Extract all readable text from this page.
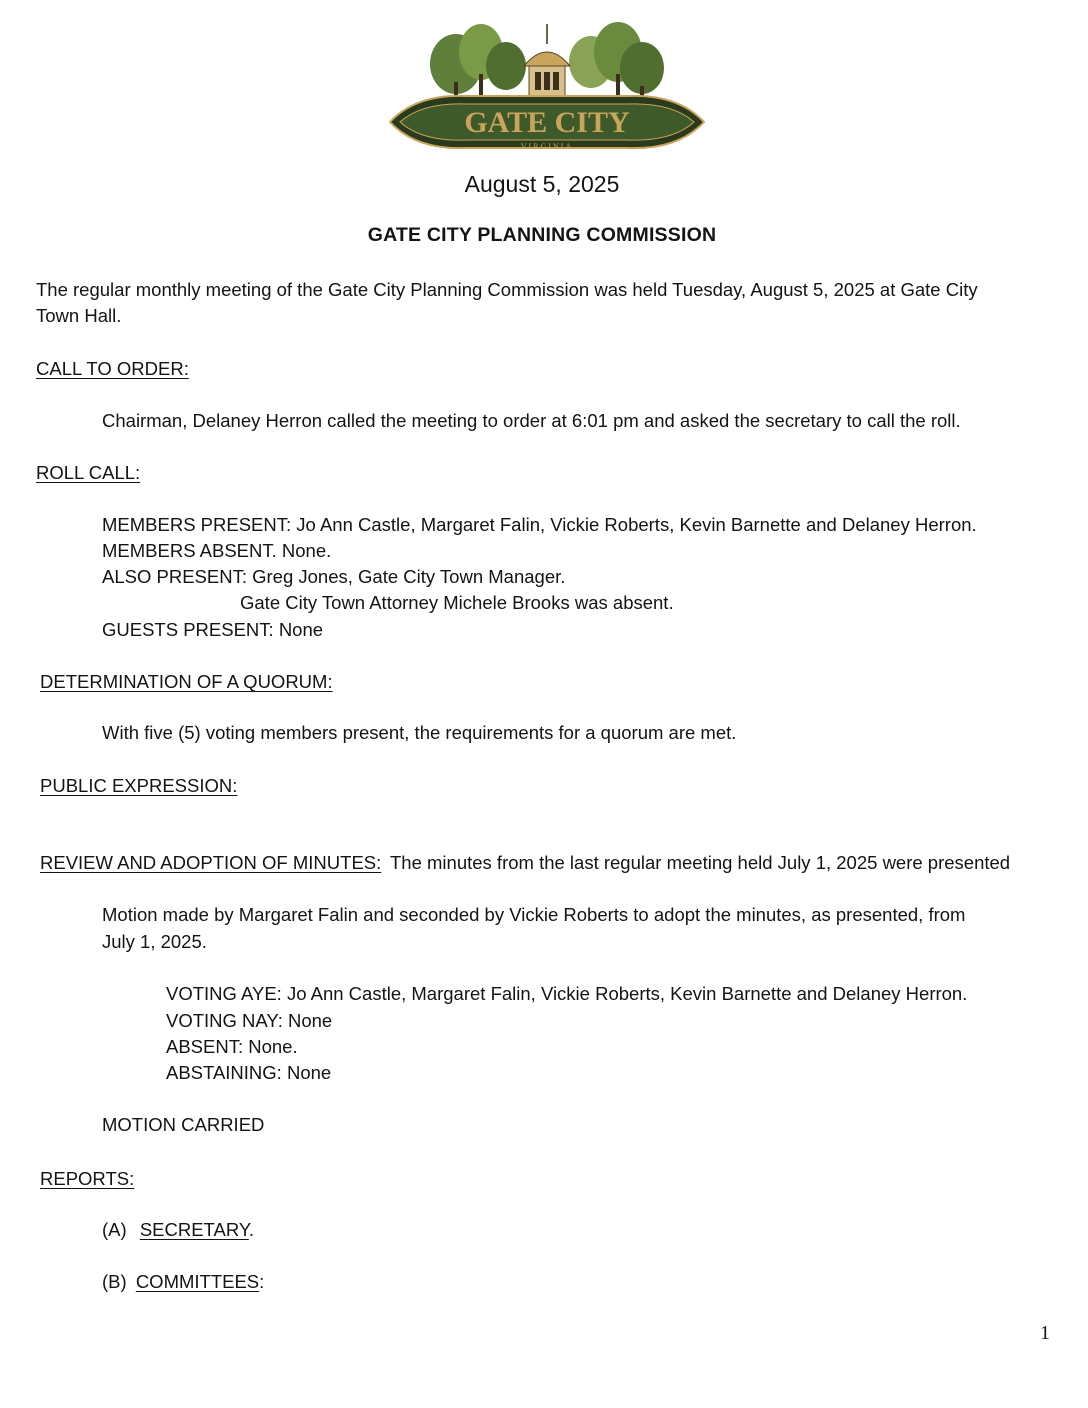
GATE CITY
VIRGINIA
August 5, 2025
GATE CITY PLANNING COMMISSION
The regular monthly meeting of the Gate City Planning Commission was held Tuesday, August 5, 2025 at Gate City
Town Hall.
CALL TO ORDER:
Chairman, Delaney Herron called the meeting to order at 6:01 pm and asked the secretary to call the roll.
ROLL CALL:
MEMBERS PRESENT: Jo Ann Castle, Margaret Falin, Vickie Roberts, Kevin Barnette and Delaney Herron.
MEMBERS ABSENT. None.
ALSO PRESENT: Greg Jones, Gate City Town Manager.
Gate City Town Attorney Michele Brooks was absent.
GUESTS PRESENT: None
DETERMINATION OF A QUORUM:
With five (5) voting members present, the requirements for a quorum are met.
PUBLIC EXPRESSION:
REVIEW AND ADOPTION OF MINUTES: The minutes from the last regular meeting held July 1, 2025 were presented
Motion made by Margaret Falin and seconded by Vickie Roberts to adopt the minutes, as presented, from
July 1, 2025.
VOTING AYE: Jo Ann Castle, Margaret Falin, Vickie Roberts, Kevin Barnette and Delaney Herron.
VOTING NAY: None
ABSENT: None.
ABSTAINING: None
MOTION CARRIED
REPORTS:
(A) SECRETARY.
(B) COMMITTEES:
1
